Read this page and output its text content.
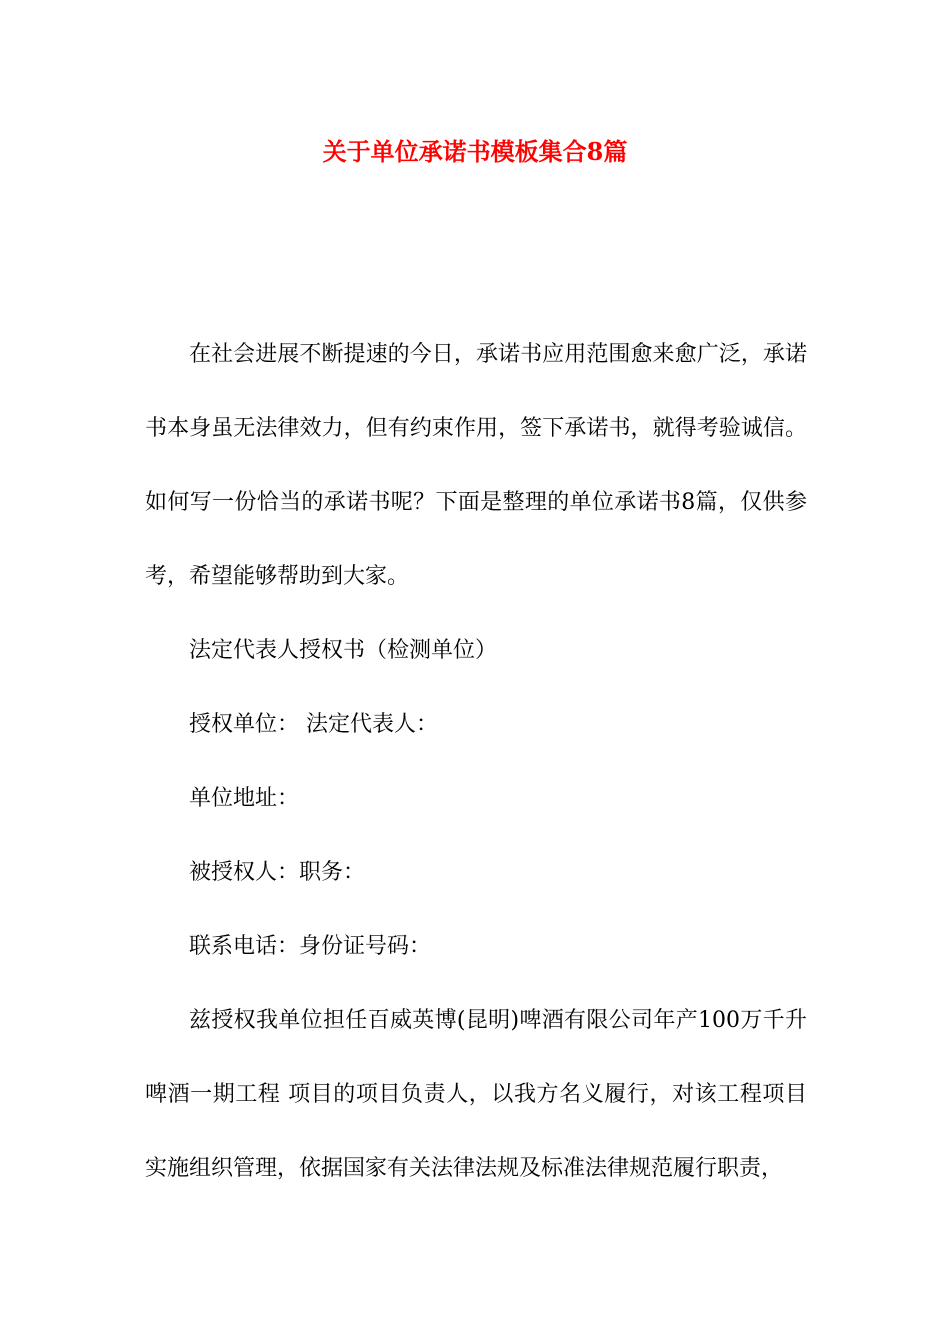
关于单位承诺书模板集合8篇

在社会进展不断提速的今日，承诺书应用范围愈来愈广泛，承诺书本身虽无法律效力，但有约束作用，签下承诺书，就得考验诚信。如何写一份恰当的承诺书呢？下面是整理的单位承诺书8篇，仅供参考，希望能够帮助到大家。

法定代表人授权书（检测单位）

授权单位： 法定代表人：

单位地址：

被授权人：职务：

联系电话：身份证号码：

兹授权我单位担任百威英博(昆明)啤酒有限公司年产100万千升啤酒一期工程 项目的项目负责人，以我方名义履行，对该工程项目实施组织管理，依据国家有关法律法规及标准法律规范履行职责，
